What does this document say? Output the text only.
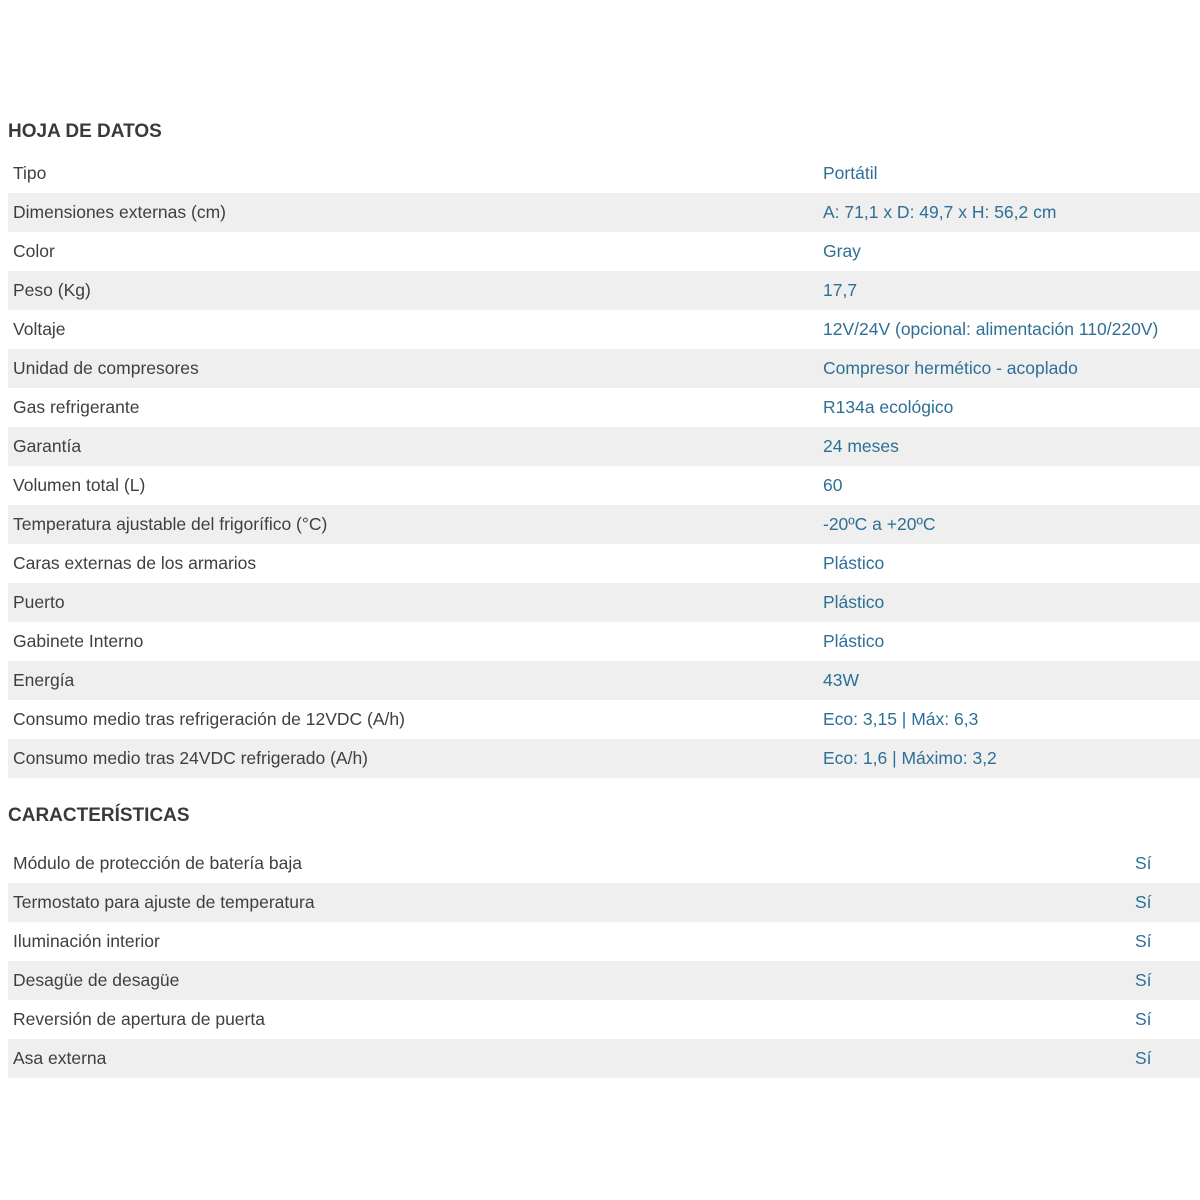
HOJA DE DATOS
Tipo	Portátil
Dimensiones externas (cm)	A: 71,1 x D: 49,7 x H: 56,2 cm
Color	Gray
Peso (Kg)	17,7
Voltaje	12V/24V (opcional: alimentación 110/220V)
Unidad de compresores	Compresor hermético - acoplado
Gas refrigerante	R134a ecológico
Garantía	24 meses
Volumen total (L)	60
Temperatura ajustable del frigorífico (°C)	-20ºC a +20ºC
Caras externas de los armarios	Plástico
Puerto	Plástico
Gabinete Interno	Plástico
Energía	43W
Consumo medio tras refrigeración de 12VDC (A/h)	Eco: 3,15 | Máx: 6,3
Consumo medio tras 24VDC refrigerado (A/h)	Eco: 1,6 | Máximo: 3,2
CARACTERÍSTICAS
Módulo de protección de batería baja	Sí
Termostato para ajuste de temperatura	Sí
Iluminación interior	Sí
Desagüe de desagüe	Sí
Reversión de apertura de puerta	Sí
Asa externa	Sí
